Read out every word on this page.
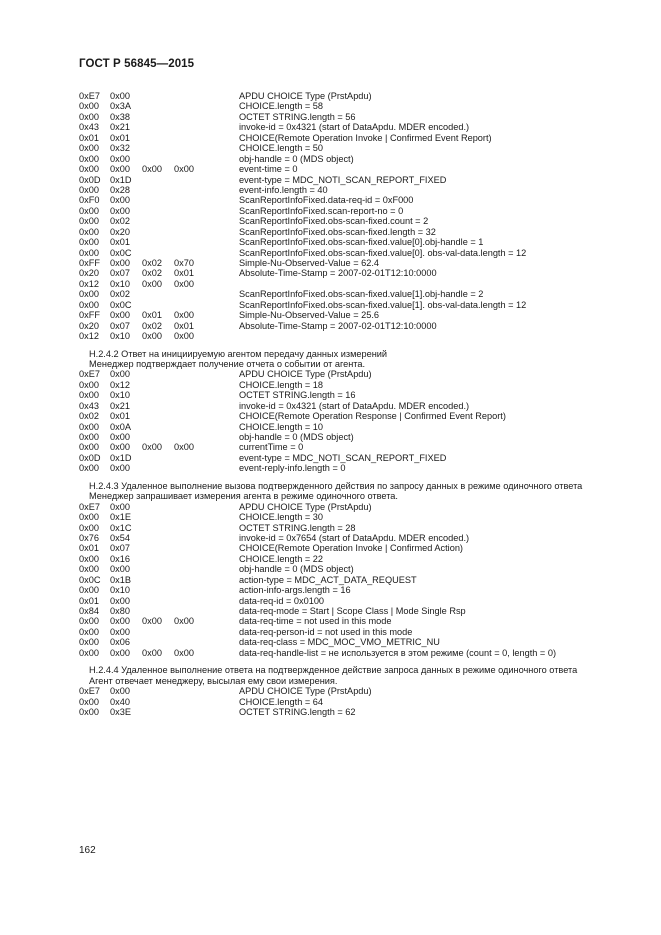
ГОСТ Р 56845—2015
0xE7 0x00	APDU CHOICE Type (PrstApdu)
0x00 0x3A	CHOICE.length = 58
0x00 0x38	OCTET STRING.length = 56
0x43 0x21	invoke-id = 0x4321 (start of DataApdu. MDER encoded.)
0x01 0x01	CHOICE(Remote Operation Invoke | Confirmed Event Report)
0x00 0x32	CHOICE.length = 50
0x00 0x00	obj-handle = 0 (MDS object)
0x00 0x00 0x00 0x00	event-time = 0
0x0D 0x1D	event-type = MDC_NOTI_SCAN_REPORT_FIXED
0x00 0x28	event-info.length = 40
0xF0 0x00	ScanReportInfoFixed.data-req-id = 0xF000
0x00 0x00	ScanReportInfoFixed.scan-report-no = 0
0x00 0x02	ScanReportInfoFixed.obs-scan-fixed.count = 2
0x00 0x20	ScanReportInfoFixed.obs-scan-fixed.length = 32
0x00 0x01	ScanReportInfoFixed.obs-scan-fixed.value[0].obj-handle = 1
0x00 0x0C	ScanReportInfoFixed.obs-scan-fixed.value[0]. obs-val-data.length = 12
0xFF 0x00 0x02 0x70	Simple-Nu-Observed-Value = 62.4
0x20 0x07 0x02 0x01	Absolute-Time-Stamp = 2007-02-01T12:10:0000
0x12 0x10 0x00 0x00
0x00 0x02	ScanReportInfoFixed.obs-scan-fixed.value[1].obj-handle = 2
0x00 0x0C	ScanReportInfoFixed.obs-scan-fixed.value[1]. obs-val-data.length = 12
0xFF 0x00 0x01 0x00	Simple-Nu-Observed-Value = 25.6
0x20 0x07 0x02 0x01	Absolute-Time-Stamp = 2007-02-01T12:10:0000
0x12 0x10 0x00 0x00
H.2.4.2 Ответ на инициируемую агентом передачу данных измерений
Менеджер подтверждает получение отчета о событии от агента.
0xE7 0x00	APDU CHOICE Type (PrstApdu)
0x00 0x12	CHOICE.length = 18
0x00 0x10	OCTET STRING.length = 16
0x43 0x21	invoke-id = 0x4321 (start of DataApdu. MDER encoded.)
0x02 0x01	CHOICE(Remote Operation Response | Confirmed Event Report)
0x00 0x0A	CHOICE.length = 10
0x00 0x00	obj-handle = 0 (MDS object)
0x00 0x00 0x00 0x00	currentTime = 0
0x0D 0x1D	event-type = MDC_NOTI_SCAN_REPORT_FIXED
0x00 0x00	event-reply-info.length = 0
H.2.4.3 Удаленное выполнение вызова подтвержденного действия по запросу данных в режиме одиночного ответа
Менеджер запрашивает измерения агента в режиме одиночного ответа.
0xE7 0x00	APDU CHOICE Type (PrstApdu)
0x00 0x1E	CHOICE.length = 30
0x00 0x1C	OCTET STRING.length = 28
0x76 0x54	invoke-id = 0x7654 (start of DataApdu. MDER encoded.)
0x01 0x07	CHOICE(Remote Operation Invoke | Confirmed Action)
0x00 0x16	CHOICE.length = 22
0x00 0x00	obj-handle = 0 (MDS object)
0x0C 0x1B	action-type = MDC_ACT_DATA_REQUEST
0x00 0x10	action-info-args.length = 16
0x01 0x00	data-req-id = 0x0100
0x84 0x80	data-req-mode = Start | Scope Class | Mode Single Rsp
0x00 0x00 0x00 0x00	data-req-time = not used in this mode
0x00 0x00	data-req-person-id = not used in this mode
0x00 0x06	data-req-class = MDC_MOC_VMO_METRIC_NU
0x00 0x00 0x00 0x00	data-req-handle-list = не используется в этом режиме (count = 0, length = 0)
H.2.4.4 Удаленное выполнение ответа на подтвержденное действие запроса данных в режиме одиночного ответа
Агент отвечает менеджеру, высылая ему свои измерения.
0xE7 0x00	APDU CHOICE Type (PrstApdu)
0x00 0x40	CHOICE.length = 64
0x00 0x3E	OCTET STRING.length = 62
162
